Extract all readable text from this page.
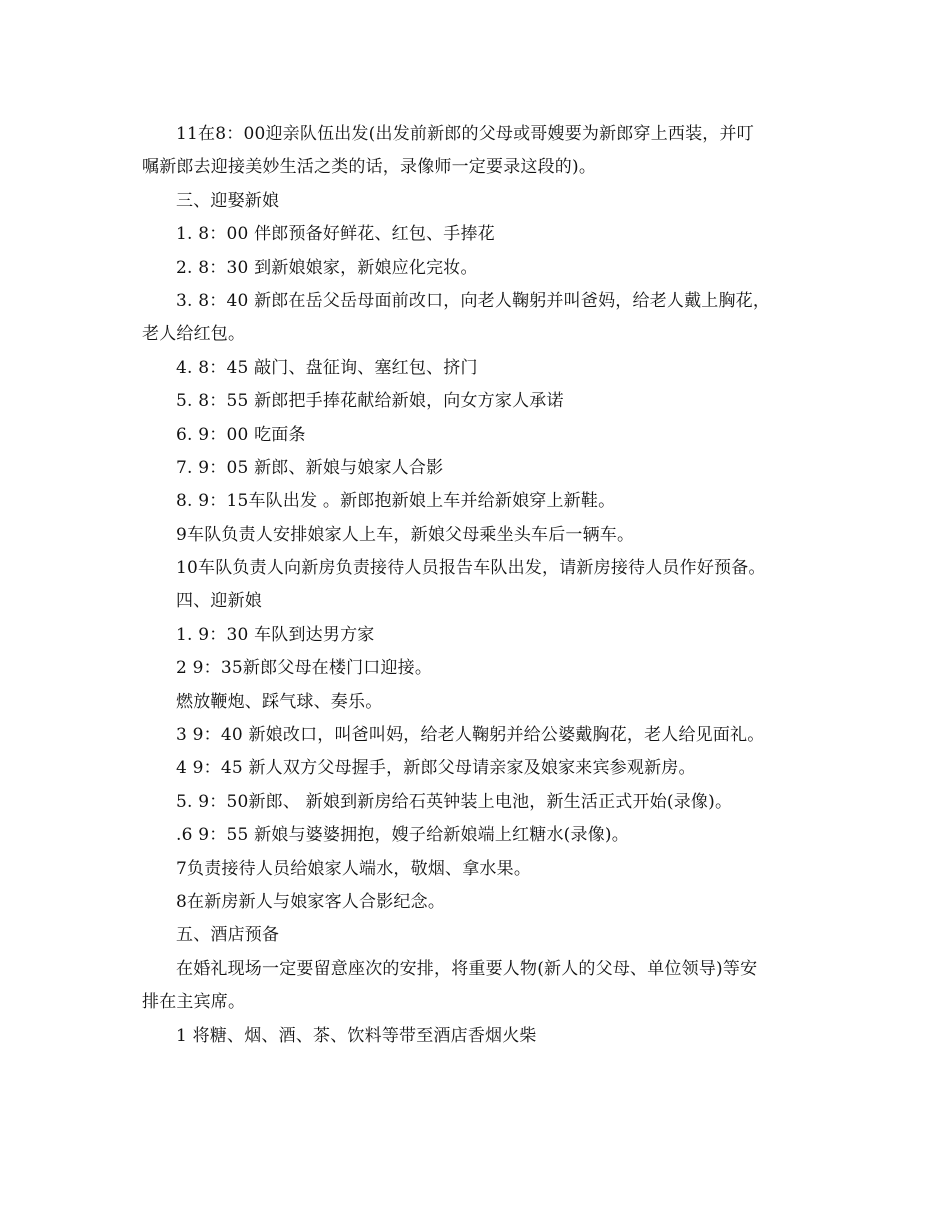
11在8：00迎亲队伍出发(出发前新郎的父母或哥嫂要为新郎穿上西装，并叮
嘱新郎去迎接美妙生活之类的话，录像师一定要录这段的)。
三、迎娶新娘
1. 8：00 伴郎预备好鲜花、红包、手捧花
2. 8：30 到新娘娘家，新娘应化完妆。
3. 8：40 新郎在岳父岳母面前改口，向老人鞠躬并叫爸妈，给老人戴上胸花，
老人给红包。
4. 8：45 敲门、盘征询、塞红包、挤门
5. 8：55 新郎把手捧花献给新娘，向女方家人承诺
6. 9：00 吃面条
7. 9：05 新郎、新娘与娘家人合影
8. 9：15车队出发 。新郎抱新娘上车并给新娘穿上新鞋。
9车队负责人安排娘家人上车，新娘父母乘坐头车后一辆车。
10车队负责人向新房负责接待人员报告车队出发，请新房接待人员作好预备。
四、迎新娘
1. 9：30 车队到达男方家
2 9：35新郎父母在楼门口迎接。
燃放鞭炮、踩气球、奏乐。
3 9：40 新娘改口，叫爸叫妈，给老人鞠躬并给公婆戴胸花，老人给见面礼。
4 9：45 新人双方父母握手，新郎父母请亲家及娘家来宾参观新房。
5. 9：50新郎、 新娘到新房给石英钟装上电池，新生活正式开始(录像)。
.6 9：55 新娘与婆婆拥抱，嫂子给新娘端上红糖水(录像)。
7负责接待人员给娘家人端水，敬烟、拿水果。
8在新房新人与娘家客人合影纪念。
五、酒店预备
在婚礼现场一定要留意座次的安排，将重要人物(新人的父母、单位领导)等安
排在主宾席。
1 将糖、烟、酒、茶、饮料等带至酒店香烟火柴
